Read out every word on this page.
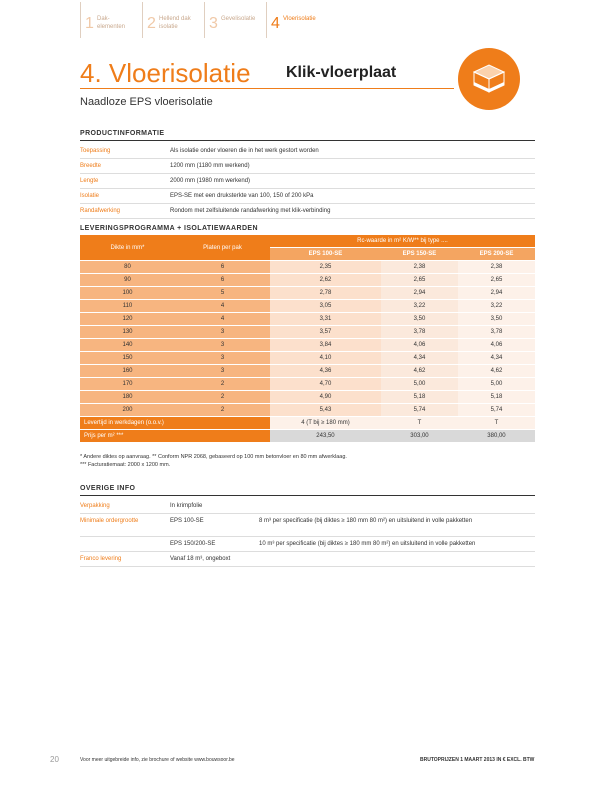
1 Dak-
elementen 2 Hellend dak
isolatie	3 Gevelisolatie 4 Vloerisolatie

4. Vloerisolatie Klik-vloerplaat
Naadloze EPS vloerisolatie
PRODUCTINFORMATIE
Toepassing	Als isolatie onder vloeren die in het werk gestort worden
Breedte	1200 mm (1180 mm werkend)
Lengte	2000 mm (1980 mm werkend)
Isolatie	EPS-SE met een druksterkte van 100, 150 of 200 kPa
Randafwerking	Rondom met zelfsluitende randafwerking met klik-verbinding
LEVERINGSPROGRAMMA + ISOLATIEWAARDEN
Dikte in mm*	Platen per pak	Rc-waarde in m² K/W** bij type ....		
		EPS 100-SE	EPS 150-SE	EPS 200-SE
80	6	2,35	2,38	2,38
90	6	2,62	2,65	2,65
100	5	2,78	2,94	2,94
110	4	3,05	3,22	3,22
120	4	3,31	3,50	3,50
130	3	3,57	3,78	3,78
140	3	3,84	4,06	4,06
150	3	4,10	4,34	4,34
160	3	4,36	4,62	4,62
170	2	4,70	5,00	5,00
180	2	4,90	5,18	5,18
200	2	5,43	5,74	5,74
Levertijd in werkdagen (o.o.v.)		4 (T bij ≥ 180 mm)	T	T
Prijs per m² ***		243,50	303,00	380,00
* Andere diktes op aanvraag. ** Conform NPR 2068, gebaseerd op 100 mm betonvloer en 80 mm afwerklaag.
*** Facturatiemaat: 2000 x 1200 mm.
OVERIGE INFO
Verpakking	In krimpfolie
Minimale ordergrootte	EPS 100-SE	8 m³ per specificatie (bij diktes ≥ 180 mm 80 m²) en uitsluitend in volle pakketten
EPS 150/200-SE	10 m³ per specificatie (bij diktes ≥ 180 mm 80 m²) en uitsluitend in volle pakketten
Franco levering	Vanaf 18 m³, ongeboxt
20	Voor meer uitgebreide info, zie brochure of website www.bouwsoor.be	BRUTOPRIJZEN 1 MAART 2013 IN € EXCL. BTW
